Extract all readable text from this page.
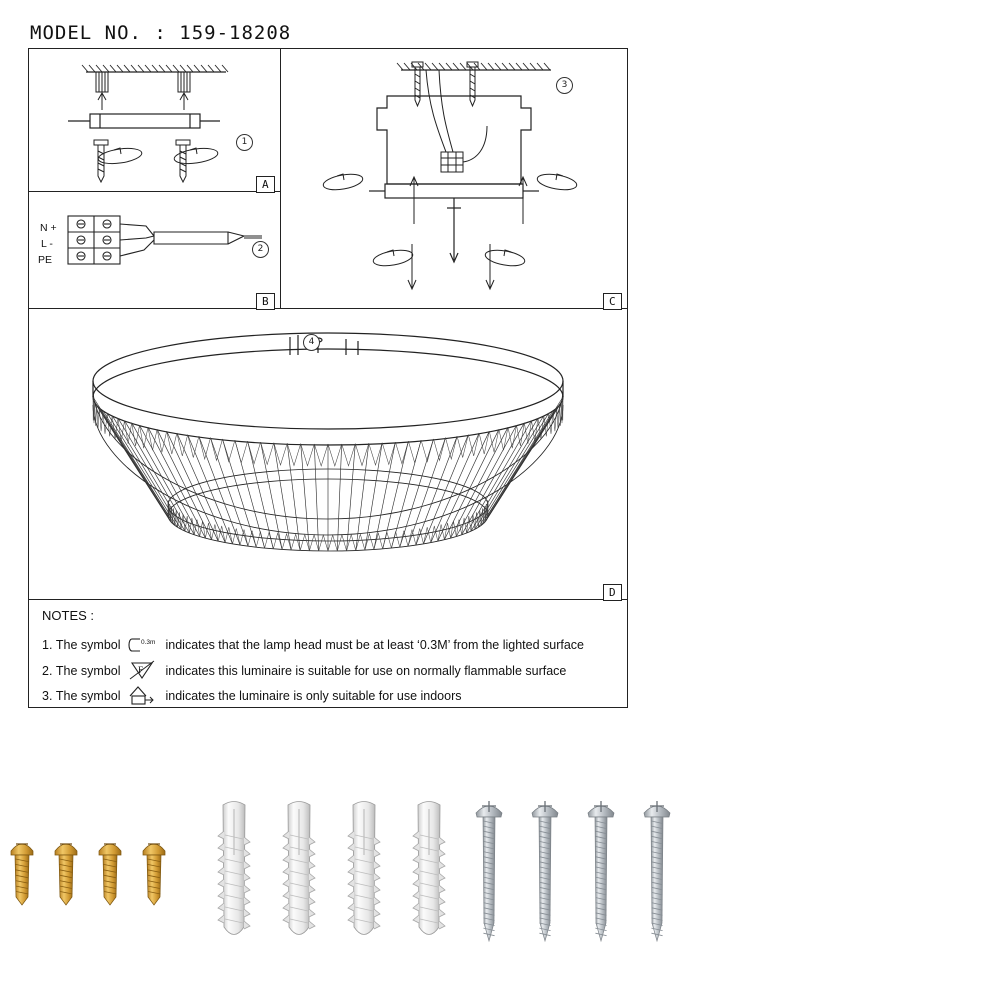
MODEL NO. : 159-18208
1
A
N +
L -
PE
2
B
3
C
4
D
NOTES :
1. The symbol	0.3m indicates that the lamp head must be at least ‘0.3M’ from the lighted surface
2. The symbol F indicates this luminaire is suitable for use on normally flammable surface
3. The symbol	indicates the luminaire is only suitable for use indoors
